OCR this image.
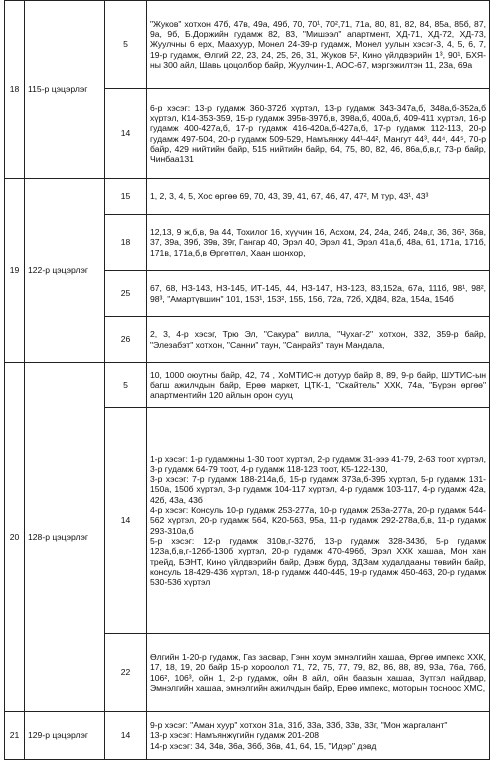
18	115-р цэцэрлэг	5	"Жуков" хотхон 47б, 47в, 49а, 49б, 70, 70¹, 70²,71, 71а, 80, 81, 82, 84, 85а, 85б, 87, 9а, 9б, Б.Доржийн гудамж 82, 83, "Мишээл" апартмент, ХД-71, ХД-72, ХД-73, Жуулчны 6 ерх, Маахуур, Монел 24-39-р гудамж, Монел уулын хэсэг-3, 4, 5, 6, 7, 19-р гудамж, Өлгий 22, 23, 24, 25, 26, 31, Жуков 5², Кино үйлдвэрийн 1³, 90¹, БХЯ-ны 300 айл, Шавь цоцолбор байр, Жуулчин-1, АОС-67, мэргэжилтэн 11, 23а, 69а
		14	6-р хэсэг: 13-р гудамж 360-372б хүртэл, 13-р гудамж 343-347а,б, 348а,б-352а,б хүртэл, К14-353-359, 15-р гудамж 395в-397б,в, 398а,б, 400а,б, 409-411 хүртэл, 16-р гудамж 400-427а,б, 17-р гудамж 416-420а,б-427а,б, 17-р гудамж 112-113, 20-р гудамж 497-504, 20-р гудамж 509-529, Намъянжу 44¹-44², Мангут 44³, 44⁴, 44⁵, 70-р байр, 429 нийтийн байр, 515 нийтийн байр, 64, 75, 80, 82, 46, 86а,б,в,г, 73-р байр, Чинбаа131
19	122-р цэцэрлэг	15	1, 2, 3, 4, 5, Хос өргөө 69, 70, 43, 39, 41, 67, 46, 47, 47², М тур, 43¹, 43³
		18	12,13, 9 ж,б,в, 9а 44, Тохилог 16, хүүчин 16, Асхом, 24, 24а, 24б, 24в,г, 36, 36², 36в, 37, 39а, 39б, 39в, 39г, Гангар 40, Эрэл 40, Эрэл 41, Эрэл 41а,б, 48а, 61, 171а, 171б, 171в, 171а,б,в Өргөтгөл, Хаан шонхор,
		25	67, 68, НЗ-143, НЗ-145, ИТ-145, 44, НЗ-147, НЗ-123, 83,152а, 67а, 111б, 98¹, 98², 98³, "Амартүвшин" 101, 153¹, 153², 155, 156, 72а, 72б, ХД84, 82а, 154а, 154б
		26	2, 3, 4-р хэсэг, Трю Эл, "Сакура" вилла, "Чухаг-2" хотхон, 332, 359-р байр, "Элезабэт" хотхон, "Санни" таун, "Санрайз" таун Мандала,
20	128-р цэцэрлэг	5	10, 1000 оюутны байр, 42, 74 , ХоМТИС-н дотуур байр 8, 89, 9-р байр, ШУТИС-ын багш ажилчдын байр, Ерөө маркет, ЦТК-1, "Скайтель" ХХК, 74а, "Бүрэн өргөө" апартментийн 120 айлын орон сууц
		14	1-р хэсэг: 1-р гудамжны 1-30 тоот хүртэл, 2-р гудамж 31-эээ 41-79, 2-63 тоот хүртэл, 3-р гудамж 64-79 тоот, 4-р гудамж 118-123 тоот, К5-122-130,
3-р хэсэг: 7-р гудамж 188-214а,б, 15-р гудамж 373а,б-395 хүртэл, 5-р гудамж 131-150а, 150б хүртэл, 3-р гудамж 104-117 хүртэл, 4-р гудамж 103-117, 4-р гудамж 42а, 42б, 43а, 43б
4-р хэсэг: Консуль 10-р гудамж 253-277а, 10-р гудамж 253а-277а, 20-р гудамж 544-562 хүртэл, 20-р гудамж 564, К20-563, 95а, 11-р гудамж 292-278а,б,в, 11-р гудамж 293-310а,б
5-р хэсэг: 12-р гудамж 310в,г-327б, 13-р гудамж 328-343б, 5-р гудамж 123а,б,в,г-126б-130б хүртэл, 20-р гудамж 470-496б, Эрэл ХХК хашаа, Мон хан трейд, БЭНТ, Кино үйлдвэрийн байр, Дэвж бурд, ЗДЗам худалдааны төвийн байр, консуль 18-429-436 хүртэл, 18-р гудамж 440-445, 19-р гудамж 450-463, 20-р гудамж 530-536 хүртэл
		22	Өлгийн 1-20-р гудамж, Газ засвар, Гэнн хоум эмнэлгийн хашаа, Өргөө импекс ХХК, 17, 18, 19, 20 байр 15-р хороолол 71, 72, 75, 77, 79, 82, 86, 88, 89, 93а, 76а, 76б, 106², 106³, ойн 1, 2-р гудамж, ойн 8 айл, ойн баазын хашаа, Зүтгэл найдвар, Эмнэлгийн хашаа, эмнэлгийн ажилчдын байр, Ерөө импекс, моторын тосноос ХМС,
21	129-р цэцэрлэг	14	9-р хэсэг: "Аман хуур" хотхон 31а, 31б, 33а, 33б, 33в, 33г, "Мон жаргалант"
13-р хэсэг: Намъянжүгийн гудамж 201-208
14-р хэсэг: 34, 34в, 36а, 36б, 36в, 41, 64, 15, "Идэр" дэвд
